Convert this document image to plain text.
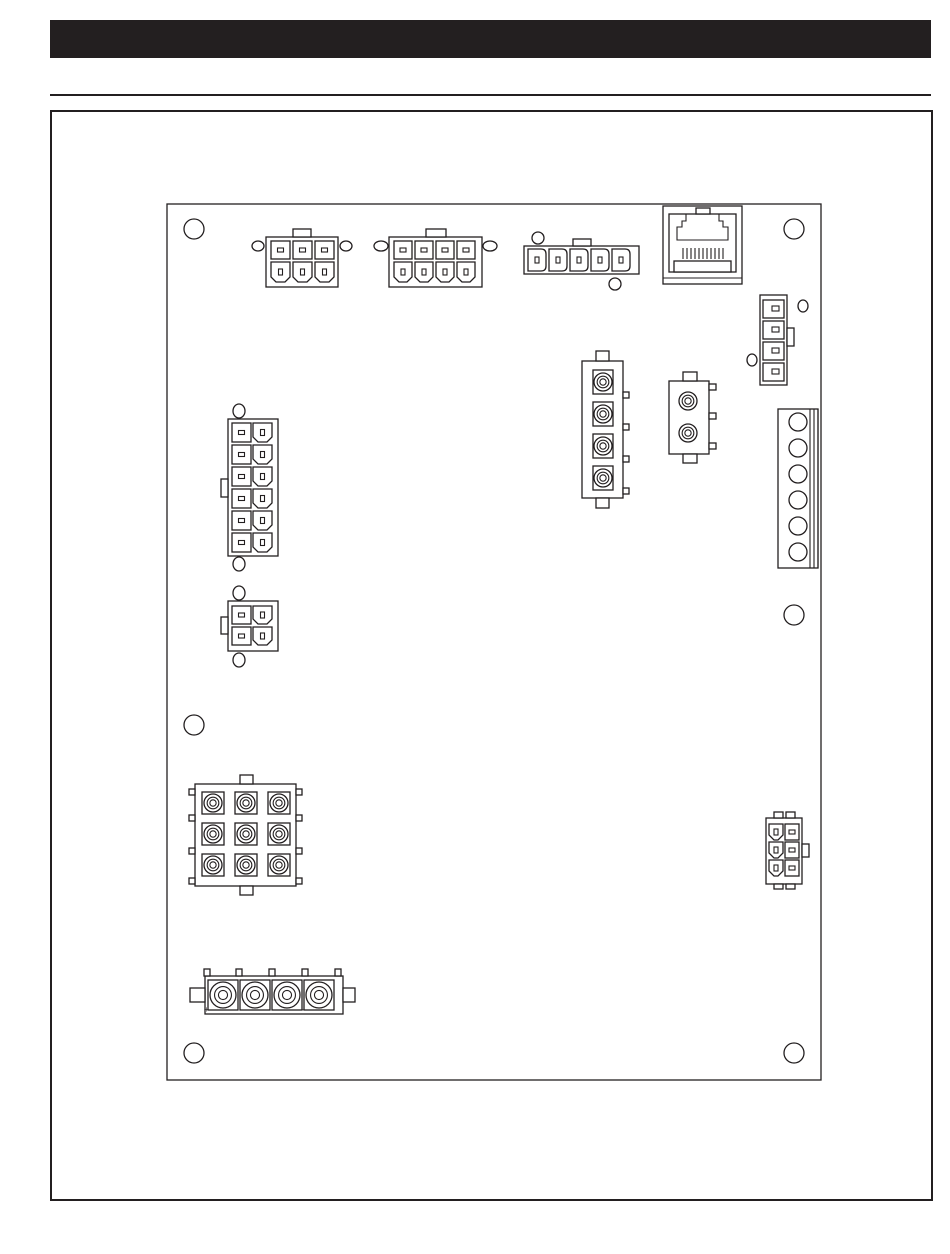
+	-
